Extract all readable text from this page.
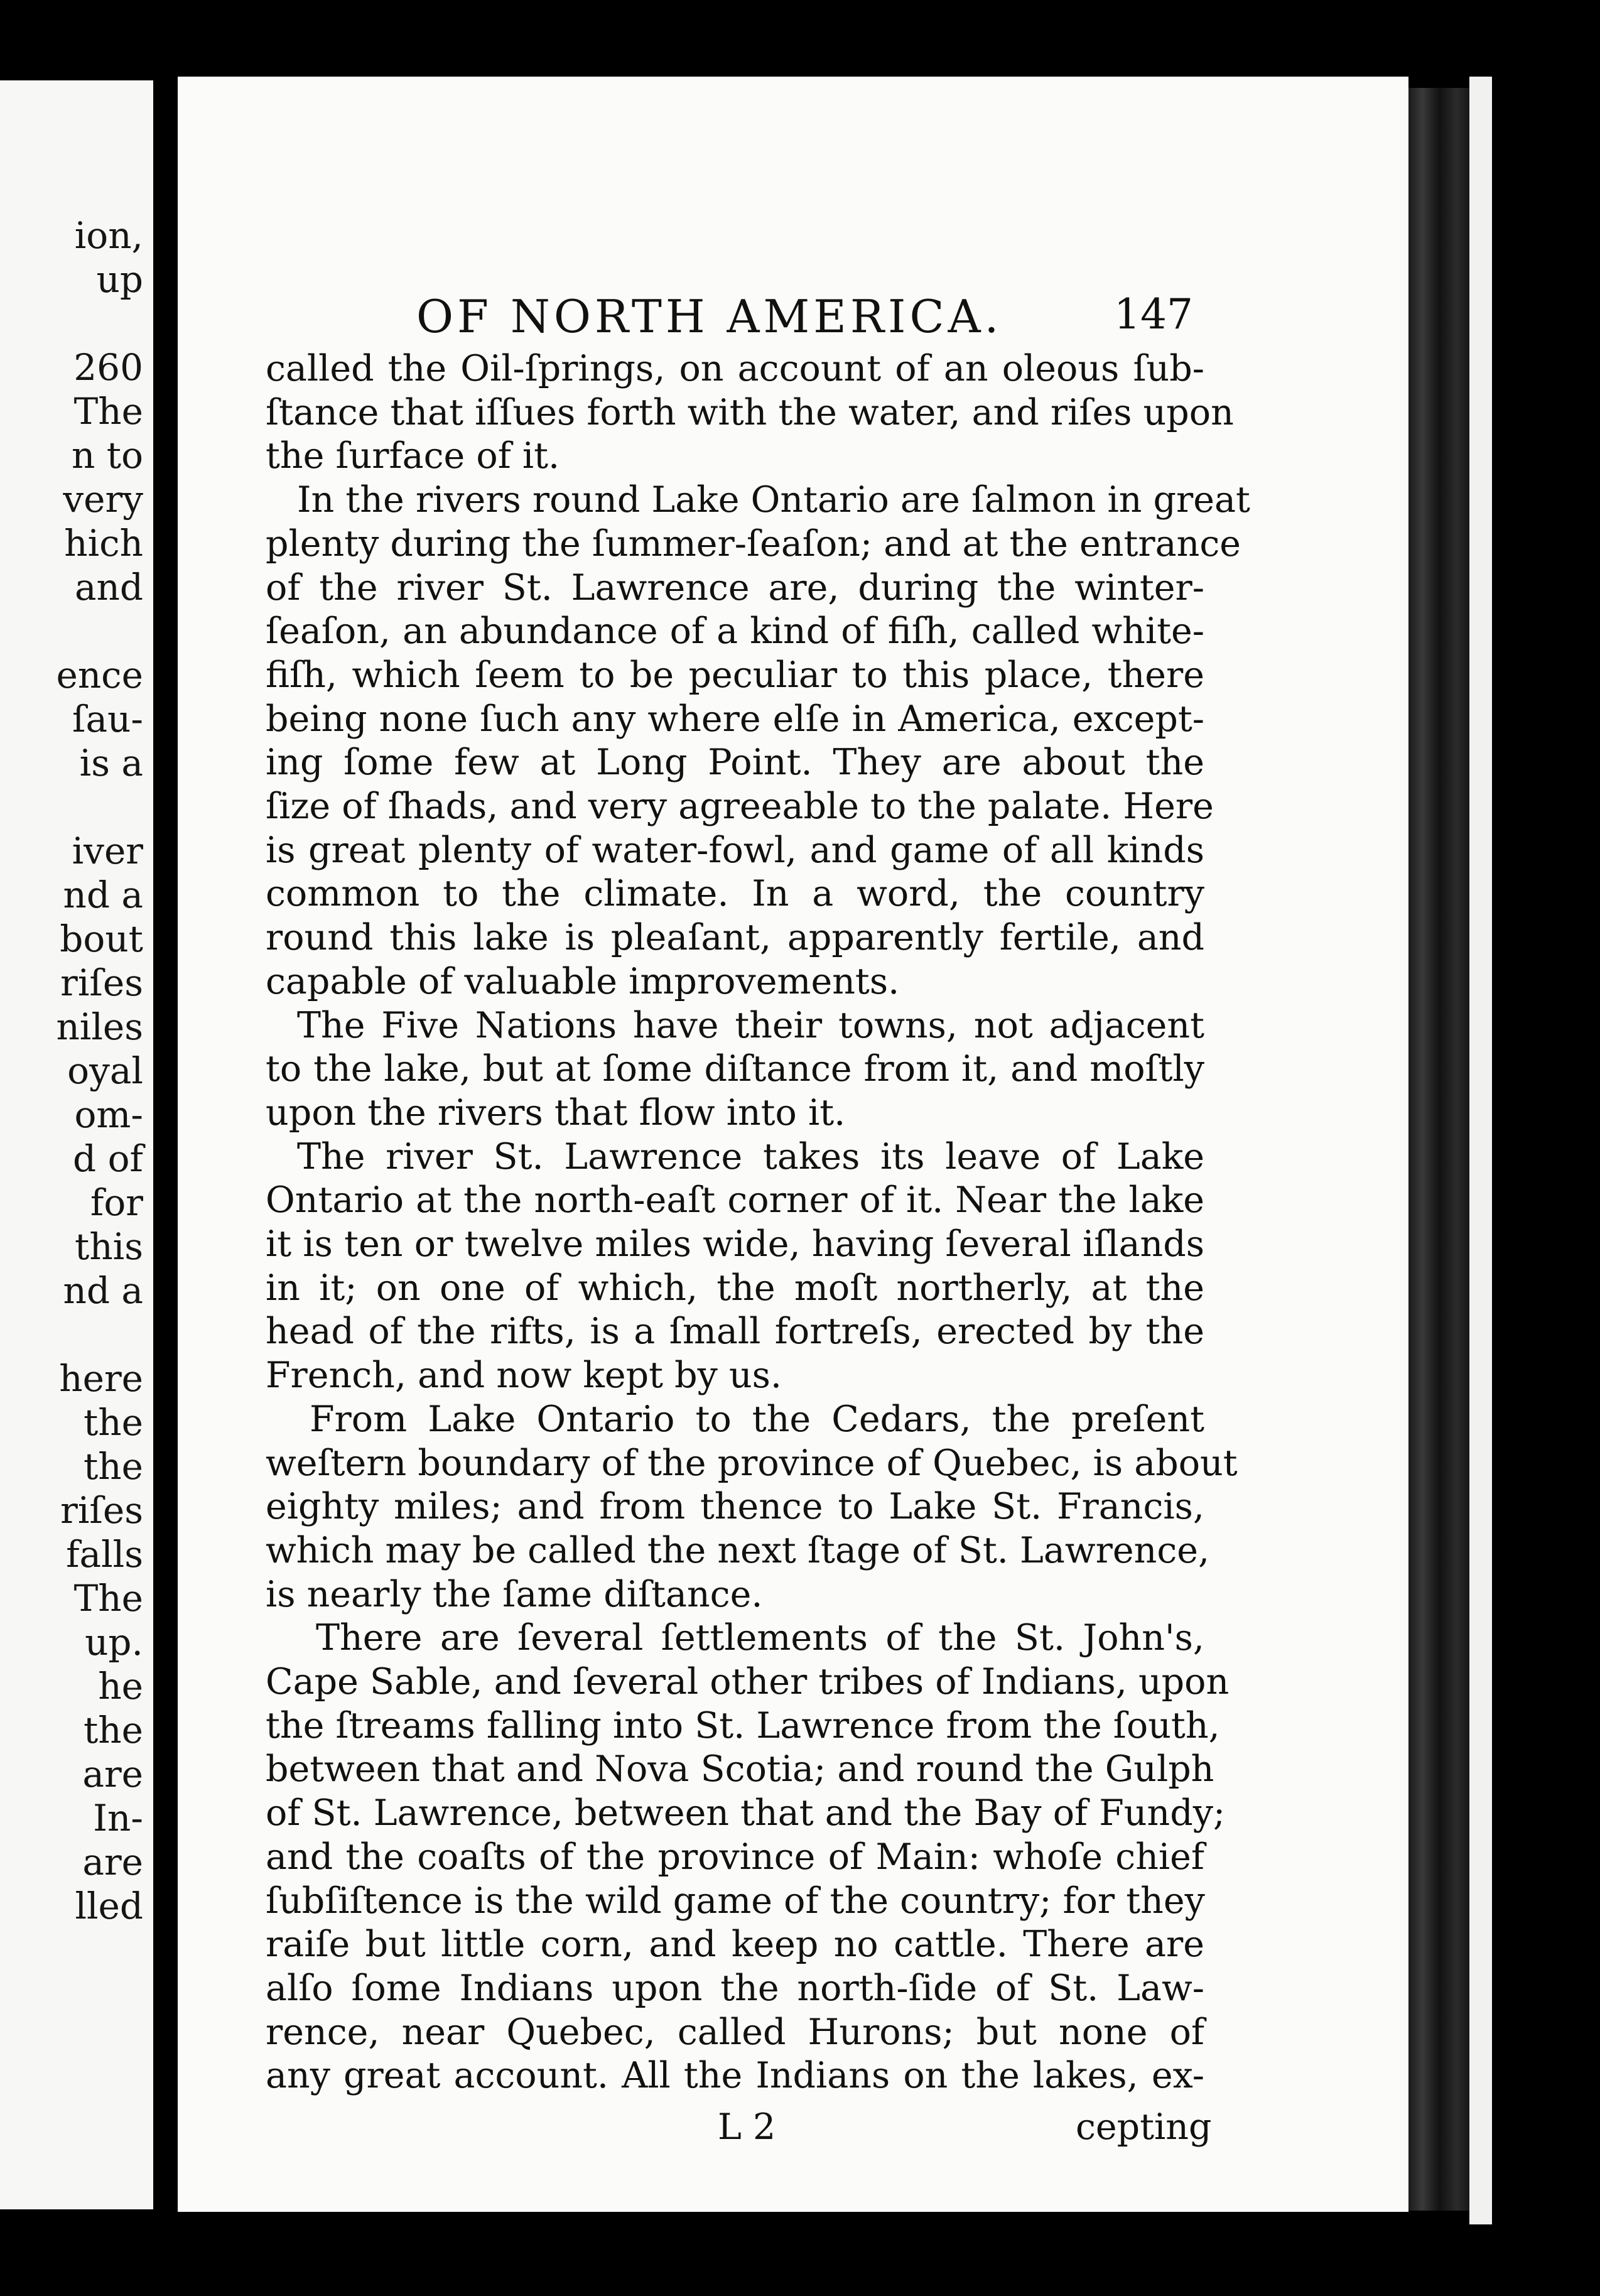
ion,
up
260
The
n to
very
hich
and
ence
ſau-
is a
iver
nd a
bout
riſes
niles
oyal
om-
d of
for
this
nd a
here
the
the
riſes
falls
The
up.
he
the
are
In-
are
lled
OF NORTH AMERICA.	147
called the Oil-ſprings, on account of an oleous ſub-
ſtance that iſſues forth with the water, and riſes upon
the ſurface of it.
In the rivers round Lake Ontario are ſalmon in great
plenty during the ſummer-ſeaſon; and at the entrance
of the river St. Lawrence are, during the winter-
ſeaſon, an abundance of a kind of fiſh, called white-
fiſh, which ſeem to be peculiar to this place, there
being none ſuch any where elſe in America, except-
ing ſome few at Long Point. They are about the
ſize of ſhads, and very agreeable to the palate. Here
is great plenty of water-fowl, and game of all kinds
common to the climate. In a word, the country
round this lake is pleaſant, apparently fertile, and
capable of valuable improvements.
The Five Nations have their towns, not adjacent
to the lake, but at ſome diſtance from it, and moſtly
upon the rivers that flow into it.
The river St. Lawrence takes its leave of Lake
Ontario at the north-eaſt corner of it. Near the lake
it is ten or twelve miles wide, having ſeveral iſlands
in it; on one of which, the moſt northerly, at the
head of the rifts, is a ſmall fortreſs, erected by the
French, and now kept by us.
From Lake Ontario to the Cedars, the preſent
weſtern boundary of the province of Quebec, is about
eighty miles; and from thence to Lake St. Francis,
which may be called the next ſtage of St. Lawrence,
is nearly the ſame diſtance.
There are ſeveral ſettlements of the St. John's,
Cape Sable, and ſeveral other tribes of Indians, upon
the ſtreams falling into St. Lawrence from the ſouth,
between that and Nova Scotia; and round the Gulph
of St. Lawrence, between that and the Bay of Fundy;
and the coaſts of the province of Main: whoſe chief
ſubſiſtence is the wild game of the country; for they
raiſe but little corn, and keep no cattle. There are
alſo ſome Indians upon the north-ſide of St. Law-
rence, near Quebec, called Hurons; but none of
any great account. All the Indians on the lakes, ex-
L 2	cepting
